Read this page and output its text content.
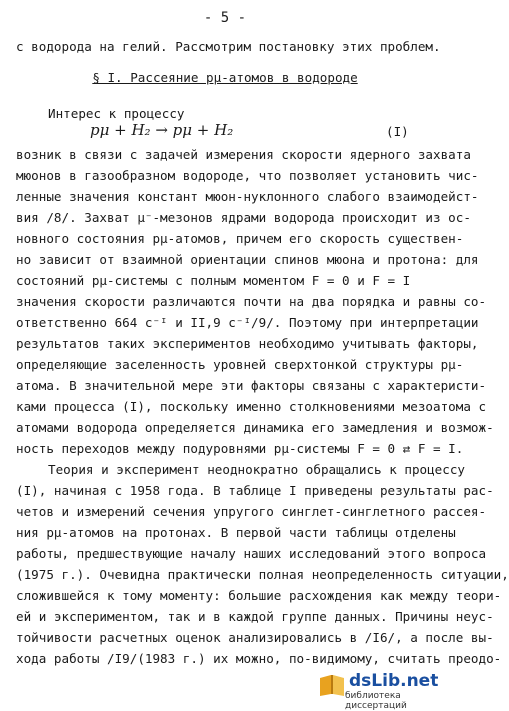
- 5 -
с водорода на гелий. Рассмотрим постановку этих проблем.
§ I. Рассеяние pμ-атомов в водороде
Интерес к процессу
pμ + H₂ → pμ + H₂	(I)
возник в связи с задачей измерения скорости ядерного захвата
мюонов в газообразном водороде, что позволяет установить чис-
ленные значения констант мюон-нуклонного слабого взаимодейст-
вия /8/. Захват μ⁻-мезонов ядрами водорода происходит из ос-
новного состояния pμ-атомов, причем его скорость существен-
но зависит от взаимной ориентации спинов мюона и протона: для
состояний pμ-системы с полным моментом F = 0 и F = I
значения скорости различаются почти на два порядка и равны со-
ответственно 664 с⁻ᴵ и II,9 с⁻ᴵ/9/. Поэтому при интерпретации
результатов таких экспериментов необходимо учитывать факторы,
определяющие заселенность уровней сверхтонкой структуры pμ-
атома. В значительной мере эти факторы связаны с характеристи-
ками процесса (I), поскольку именно столкновениями мезоатома с
атомами водорода определяется динамика его замедления и возмож-
ность переходов между подуровнями pμ-системы F = 0 ⇄ F = I.
Теория и эксперимент неоднократно обращались к процессу
(I), начиная с 1958 года. В таблице I приведены результаты рас-
четов и измерений сечения упругого синглет-синглетного рассея-
ния pμ-атомов на протонах. В первой части таблицы отделены
работы, предшествующие началу наших исследований этого вопроса
(1975 г.). Очевидна практически полная неопределенность ситуации,
сложившейся к тому моменту: большие расхождения как между теори-
ей и экспериментом, так и в каждой группе данных. Причины неус-
тойчивости расчетных оценок анализировались в /I6/, а после вы-
хода работы /I9/(1983 г.) их можно, по-видимому, считать преодо-
dsLib.net
библиотека диссертаций
